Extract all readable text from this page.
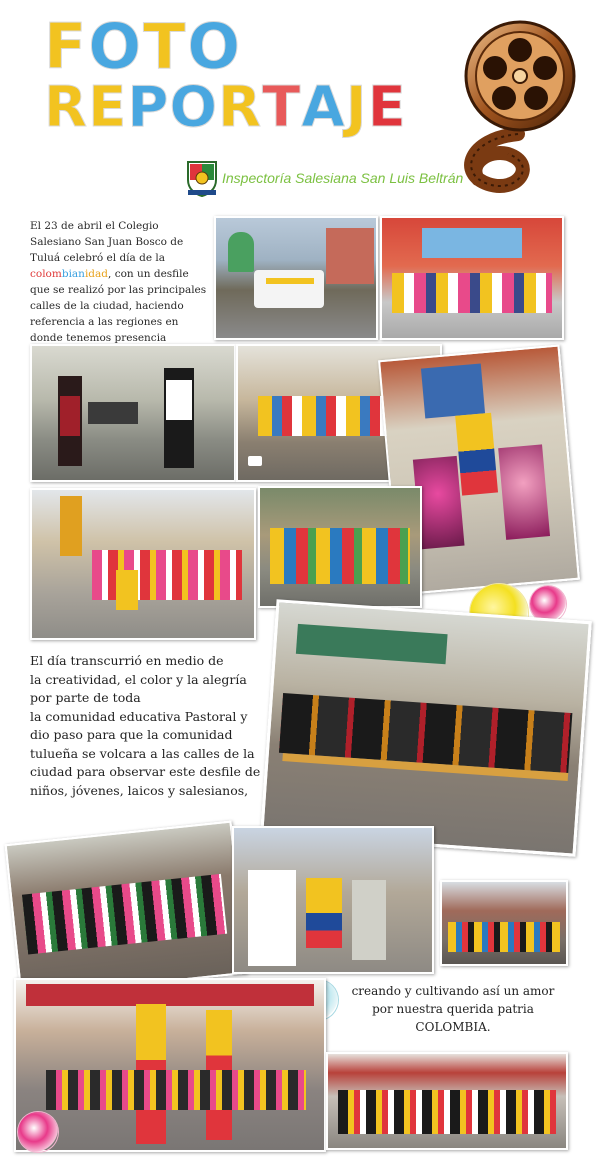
FOTO
REPORTAJE
Inspectoría Salesiana San Luis Beltrán
El 23 de abril el Colegio Salesiano San Juan Bosco de Tuluá celebró el día de la colombianidad, con un desfile que se realizó por las principales calles de la ciudad, haciendo referencia a las regiones en donde tenemos presencia
El día transcurrió en medio de
la creatividad, el color y la alegría
por parte de toda
la comunidad educativa Pastoral y
dio paso para que la comunidad
tulueña se volcara a las calles de la
ciudad para observar este desfile de
niños, jóvenes, laicos y salesianos,
creando y cultivando así un amor
por nuestra querida patria
COLOMBIA.
